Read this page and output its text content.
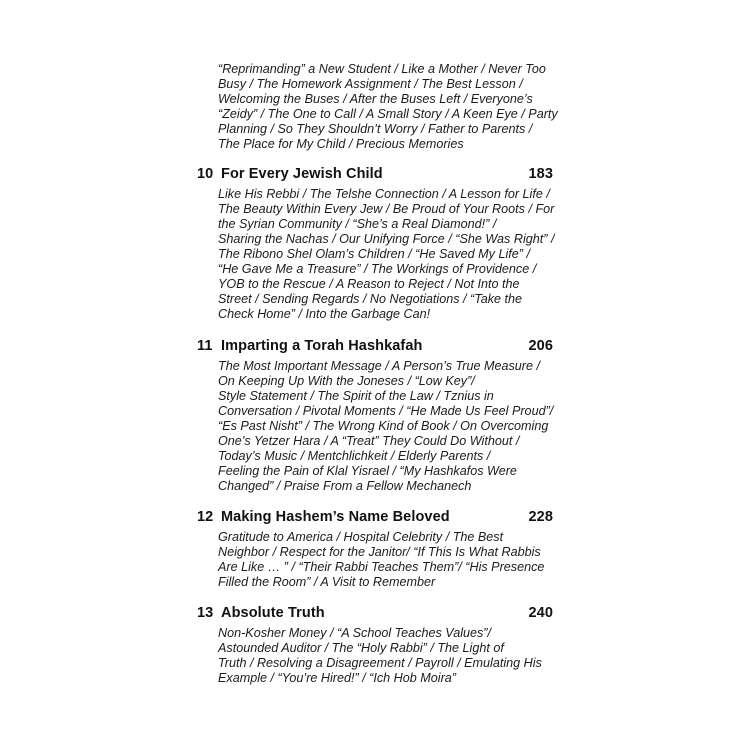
“Reprimanding” a New Student / Like a Mother / Never Too
Busy / The Homework Assignment / The Best Lesson /
Welcoming the Buses / After the Buses Left / Everyone’s
“Zeidy” / The One to Call / A Small Story / A Keen Eye / Party
Planning / So They Shouldn’t Worry / Father to Parents /
The Place for My Child / Precious Memories
10 For Every Jewish Child	183
Like His Rebbi / The Telshe Connection / A Lesson for Life /
The Beauty Within Every Jew / Be Proud of Your Roots / For
the Syrian Community / “She’s a Real Diamond!” /
Sharing the Nachas / Our Unifying Force / “She Was Right” /
The Ribono Shel Olam’s Children / “He Saved My Life” /
“He Gave Me a Treasure” / The Workings of Providence /
YOB to the Rescue / A Reason to Reject / Not Into the
Street / Sending Regards / No Negotiations / “Take the
Check Home” / Into the Garbage Can!
11 Imparting a Torah Hashkafah	206
The Most Important Message / A Person’s True Measure /
On Keeping Up With the Joneses / “Low Key”/
Style Statement / The Spirit of the Law / Tznius in
Conversation / Pivotal Moments / “He Made Us Feel Proud”/
“Es Past Nisht” / The Wrong Kind of Book / On Overcoming
One’s Yetzer Hara / A “Treat” They Could Do Without /
Today’s Music / Mentchlichkeit / Elderly Parents /
Feeling the Pain of Klal Yisrael / “My Hashkafos Were
Changed” / Praise From a Fellow Mechanech
12 Making Hashem’s Name Beloved	228
Gratitude to America / Hospital Celebrity / The Best
Neighbor / Respect for the Janitor/ “If This Is What Rabbis
Are Like … ” / “Their Rabbi Teaches Them”/ “His Presence
Filled the Room” / A Visit to Remember
13 Absolute Truth	240
Non-Kosher Money / “A School Teaches Values”/
Astounded Auditor / The “Holy Rabbi” / The Light of
Truth / Resolving a Disagreement / Payroll / Emulating His
Example / “You’re Hired!” / “Ich Hob Moira”
